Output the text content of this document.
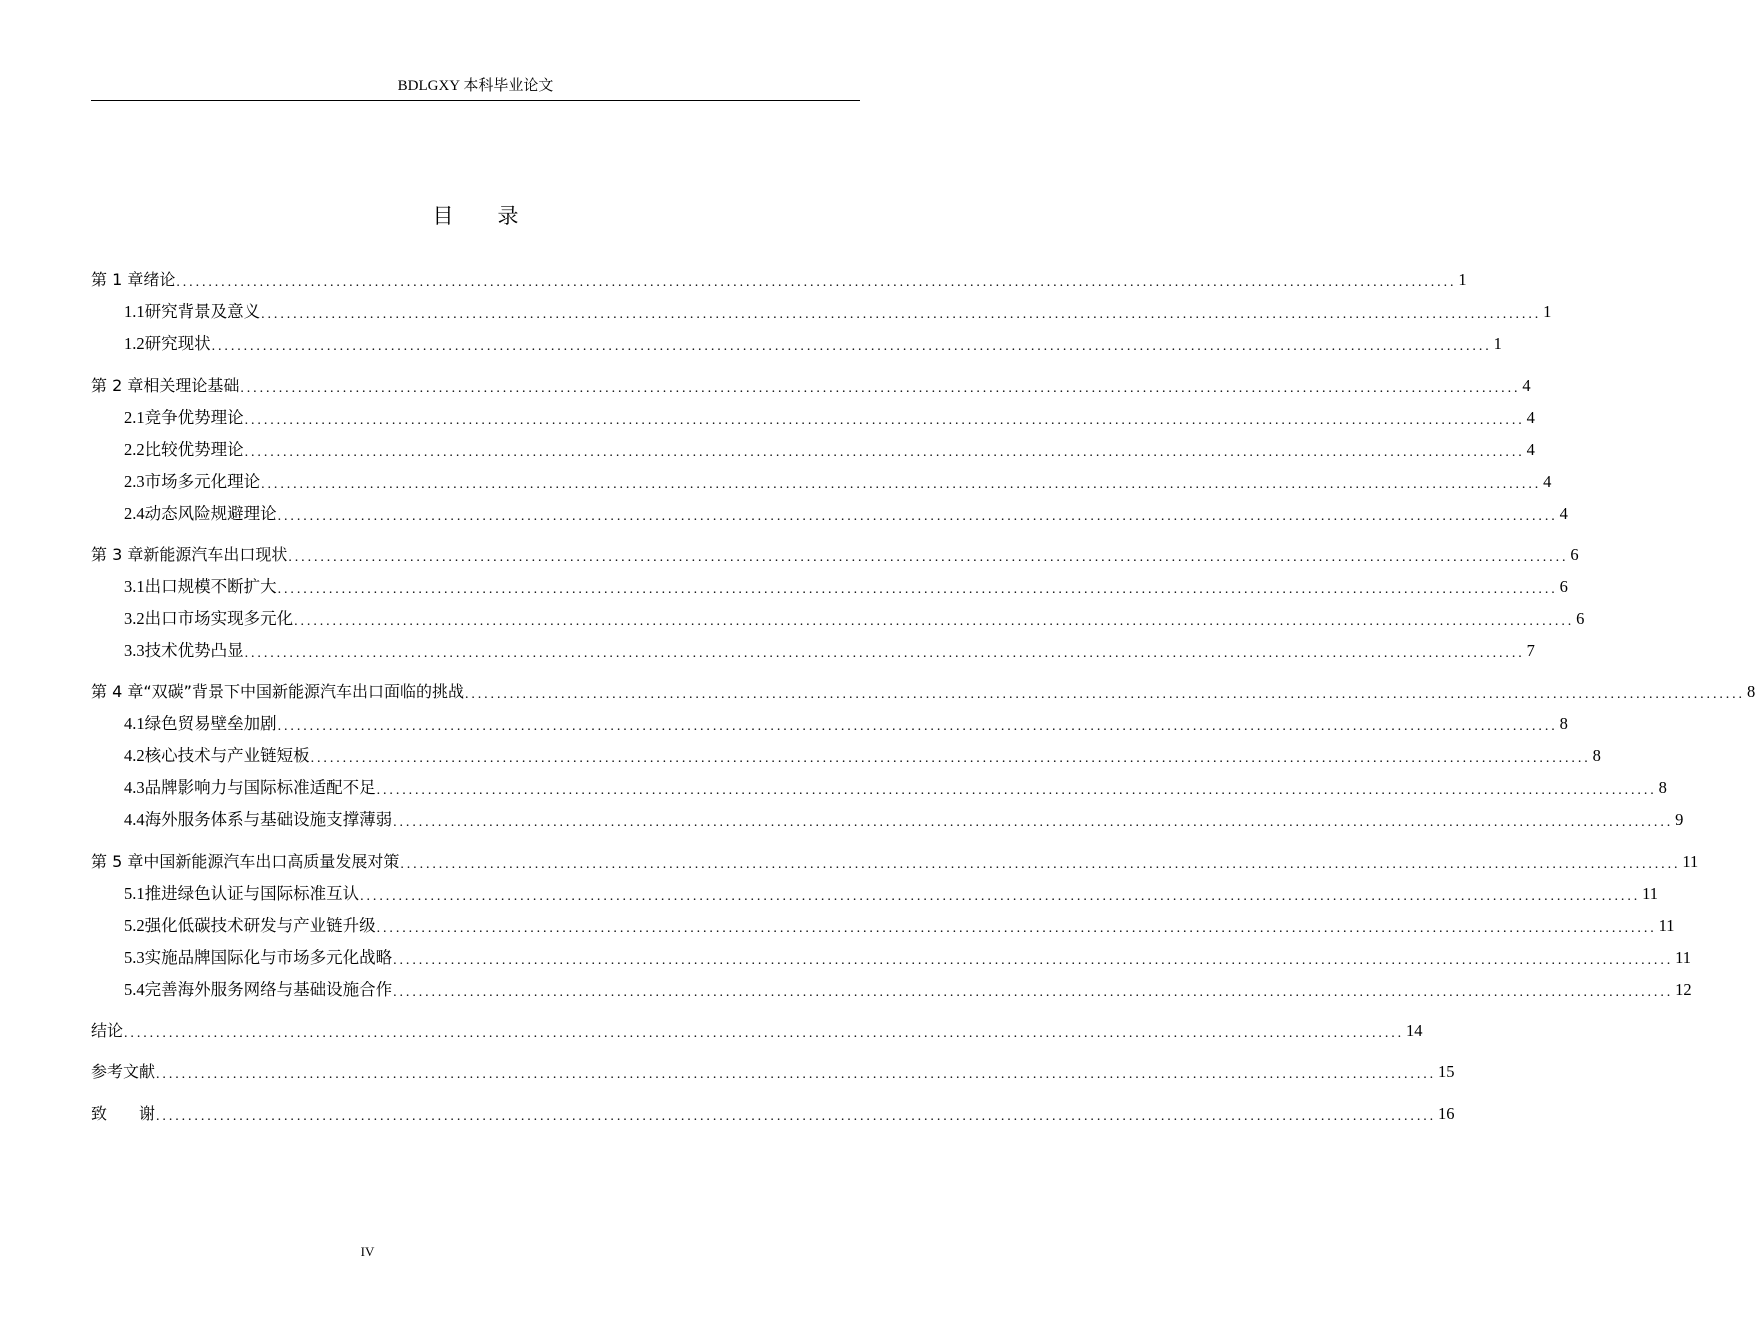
BDLGXY 本科毕业论文
目 录
第 1 章 绪论 ........................................................................................................................................................................................................ 1
1.1 研究背景及意义 ........................................................................................................................................................................................................ 1
1.2 研究现状 ........................................................................................................................................................................................................ 1
第 2 章 相关理论基础 ........................................................................................................................................................................................................ 4
2.1 竞争优势理论 ........................................................................................................................................................................................................ 4
2.2 比较优势理论 ........................................................................................................................................................................................................ 4
2.3 市场多元化理论 ........................................................................................................................................................................................................ 4
2.4 动态风险规避理论 ........................................................................................................................................................................................................ 4
第 3 章 新能源汽车出口现状 ........................................................................................................................................................................................................ 6
3.1 出口规模不断扩大 ........................................................................................................................................................................................................ 6
3.2 出口市场实现多元化 ........................................................................................................................................................................................................ 6
3.3 技术优势凸显 ........................................................................................................................................................................................................ 7
第 4 章 “双碳”背景下中国新能源汽车出口面临的挑战 ........................................................................................................................................................................................................ 8
4.1 绿色贸易壁垒加剧 ........................................................................................................................................................................................................ 8
4.2 核心技术与产业链短板 ........................................................................................................................................................................................................ 8
4.3 品牌影响力与国际标准适配不足 ........................................................................................................................................................................................................ 8
4.4 海外服务体系与基础设施支撑薄弱 ........................................................................................................................................................................................................ 9
第 5 章 中国新能源汽车出口高质量发展对策 ........................................................................................................................................................................................................ 11
5.1 推进绿色认证与国际标准互认 ........................................................................................................................................................................................................ 11
5.2 强化低碳技术研发与产业链升级 ........................................................................................................................................................................................................ 11
5.3 实施品牌国际化与市场多元化战略 ........................................................................................................................................................................................................ 11
5.4 完善海外服务网络与基础设施合作 ........................................................................................................................................................................................................ 12
结论 ........................................................................................................................................................................................................ 14
参考文献 ........................................................................................................................................................................................................ 15
致　　谢 ........................................................................................................................................................................................................ 16
IV
